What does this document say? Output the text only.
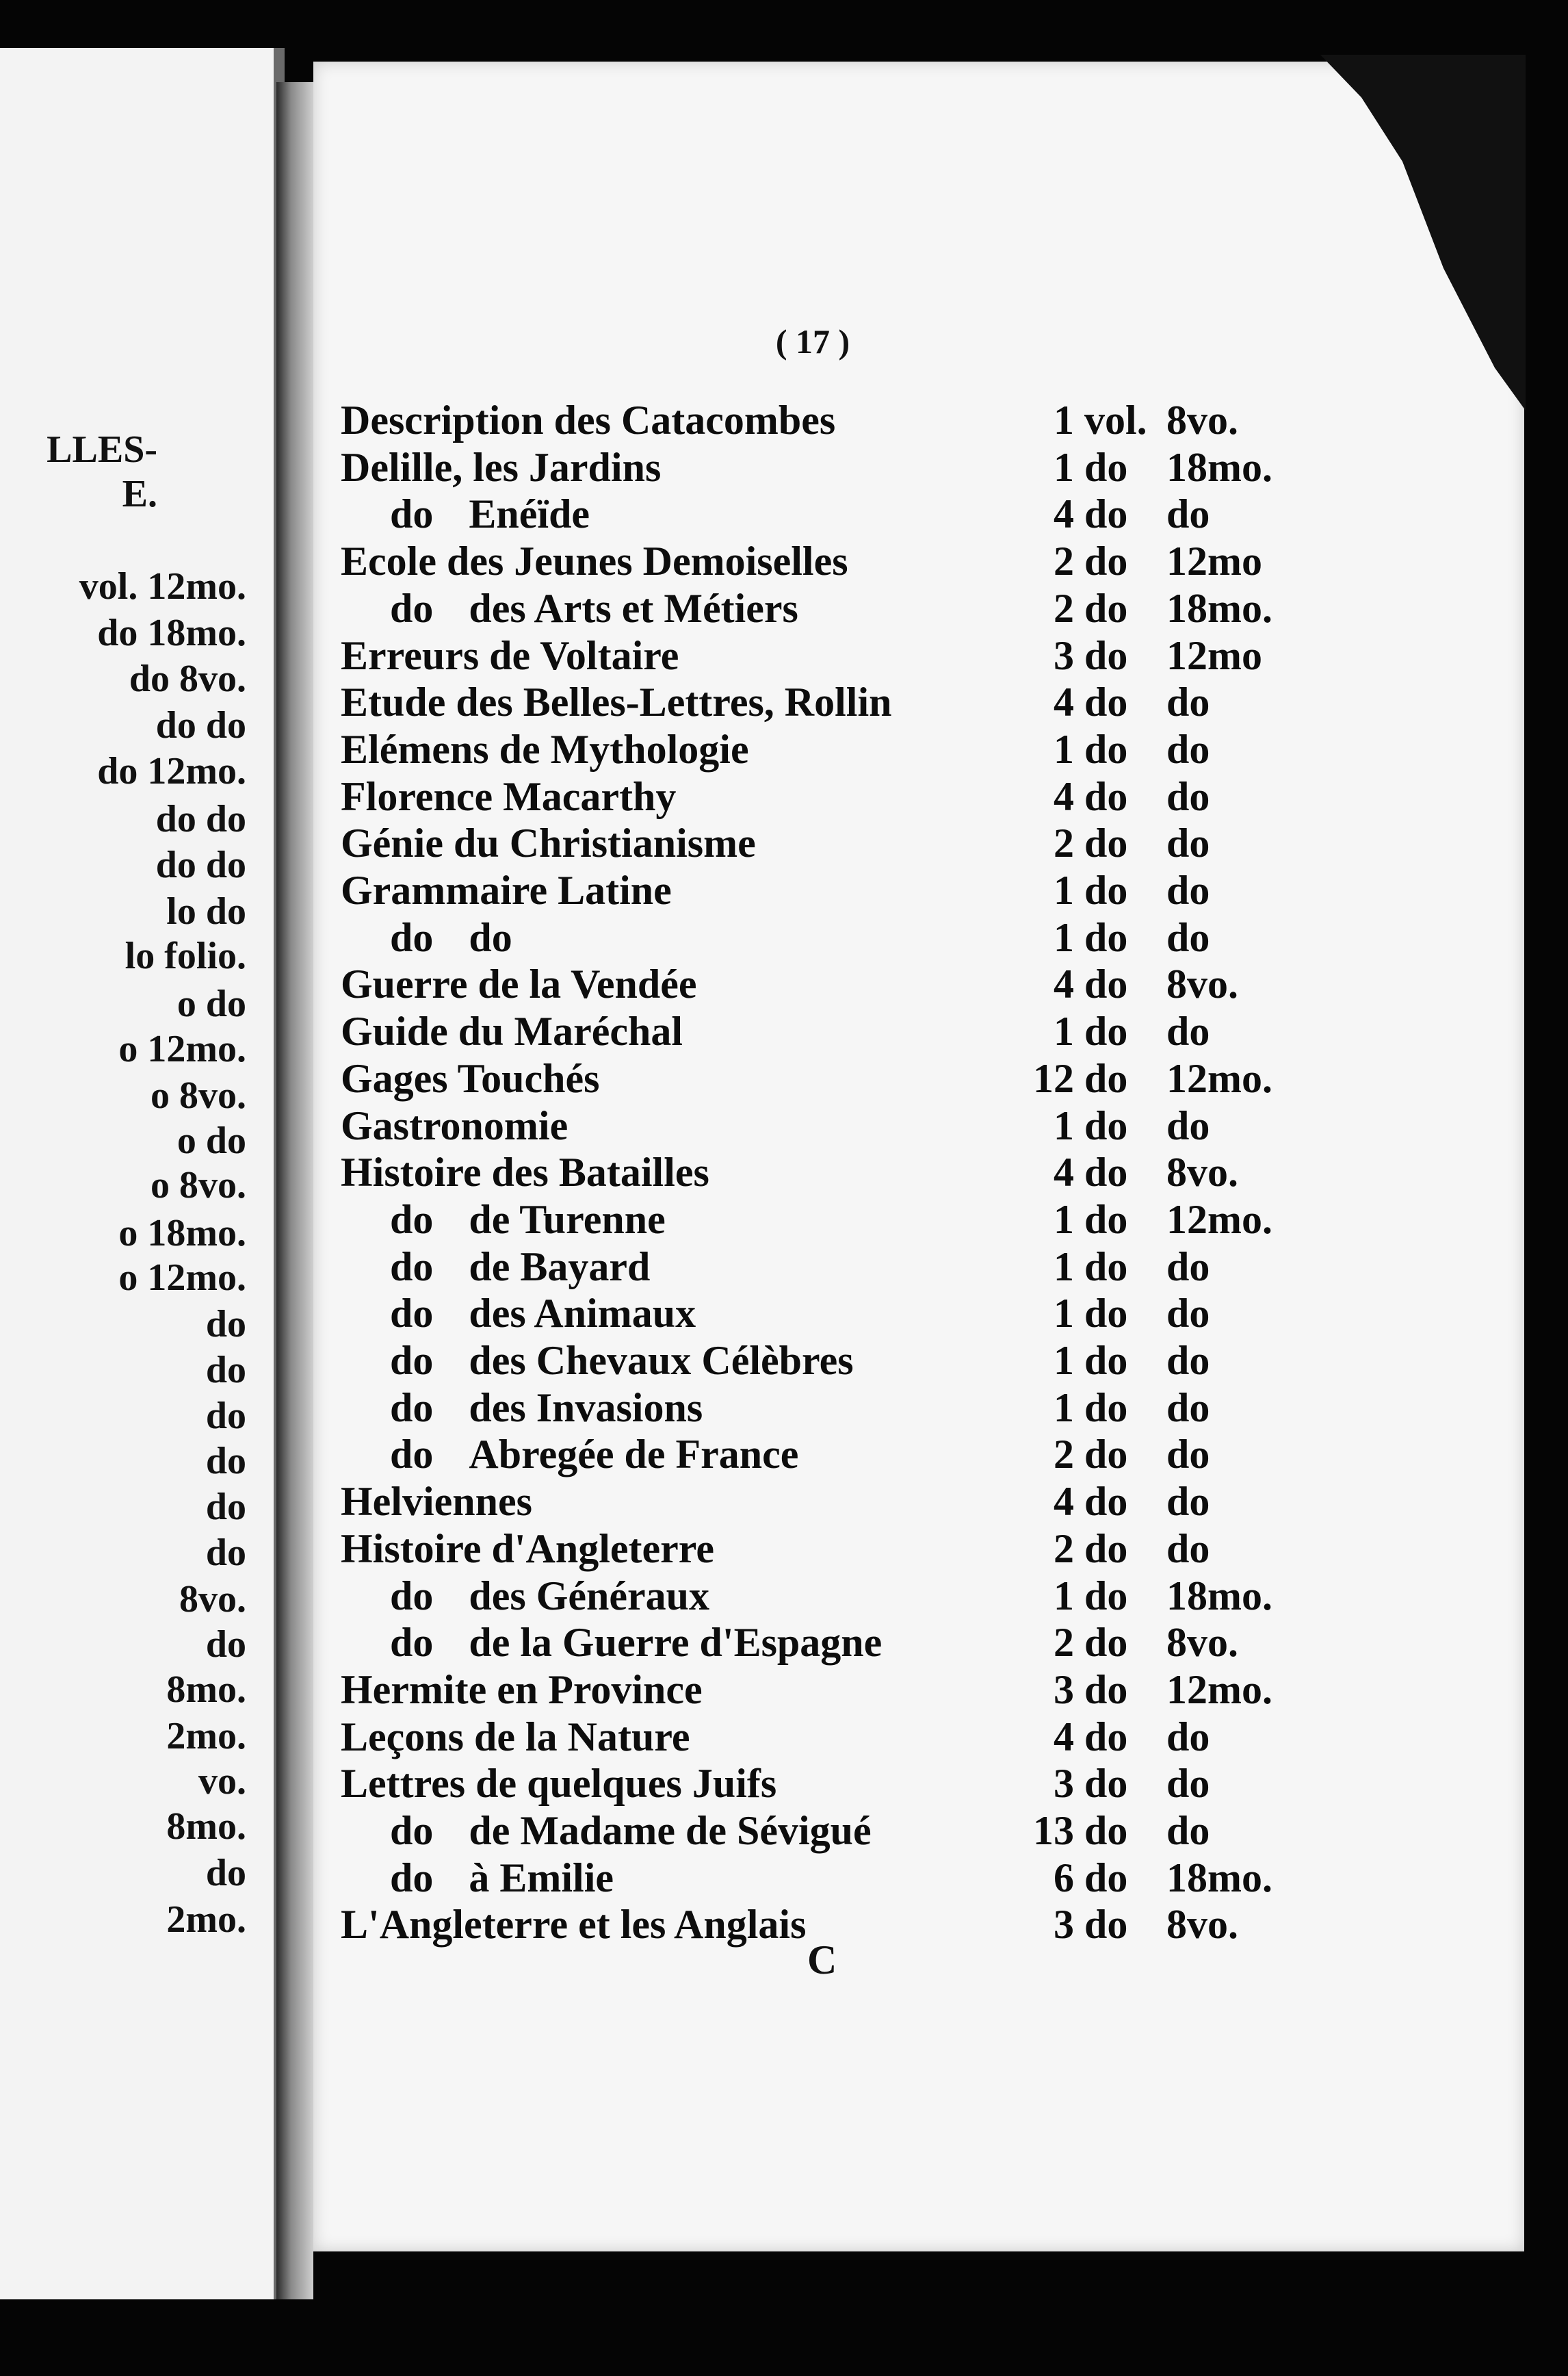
LLES-
E.
vol. 12mo.
do 18mo.
do 8vo.
do do
do 12mo.
do do
do do
lo do
lo folio.
o do
o 12mo.
o 8vo.
o do
o 8vo.
o 18mo.
o 12mo.
do
do
do
do
do
do
8vo.
do
8mo.
2mo.
vo.
8mo.
do
2mo.
( 17 )
Description des Catacombes	1 vol. 8vo.
Delille, les Jardins	1 do 18mo.
do Enéïde	4 do do
Ecole des Jeunes Demoiselles	2 do 12mo
do des Arts et Métiers	2 do 18mo.
Erreurs de Voltaire	3 do 12mo
Etude des Belles-Lettres, Rollin	4 do do
Elémens de Mythologie	1 do do
Florence Macarthy	4 do do
Génie du Christianisme	2 do do
Grammaire Latine	1 do do
do do	1 do do
Guerre de la Vendée	4 do 8vo.
Guide du Maréchal	1 do do
Gages Touchés	12 do 12mo.
Gastronomie	1 do do
Histoire des Batailles	4 do 8vo.
do de Turenne	1 do 12mo.
do de Bayard	1 do do
do des Animaux	1 do do
do des Chevaux Célèbres	1 do do
do des Invasions	1 do do
do Abregée de France	2 do do
Helviennes	4 do do
Histoire d'Angleterre	2 do do
do des Généraux	1 do 18mo.
do de la Guerre d'Espagne	2 do 8vo.
Hermite en Province	3 do 12mo.
Leçons de la Nature	4 do do
Lettres de quelques Juifs	3 do do
do de Madame de Sévigué	13 do do
do à Emilie	6 do 18mo.
L'Angleterre et les Anglais	3 do 8vo.
C
